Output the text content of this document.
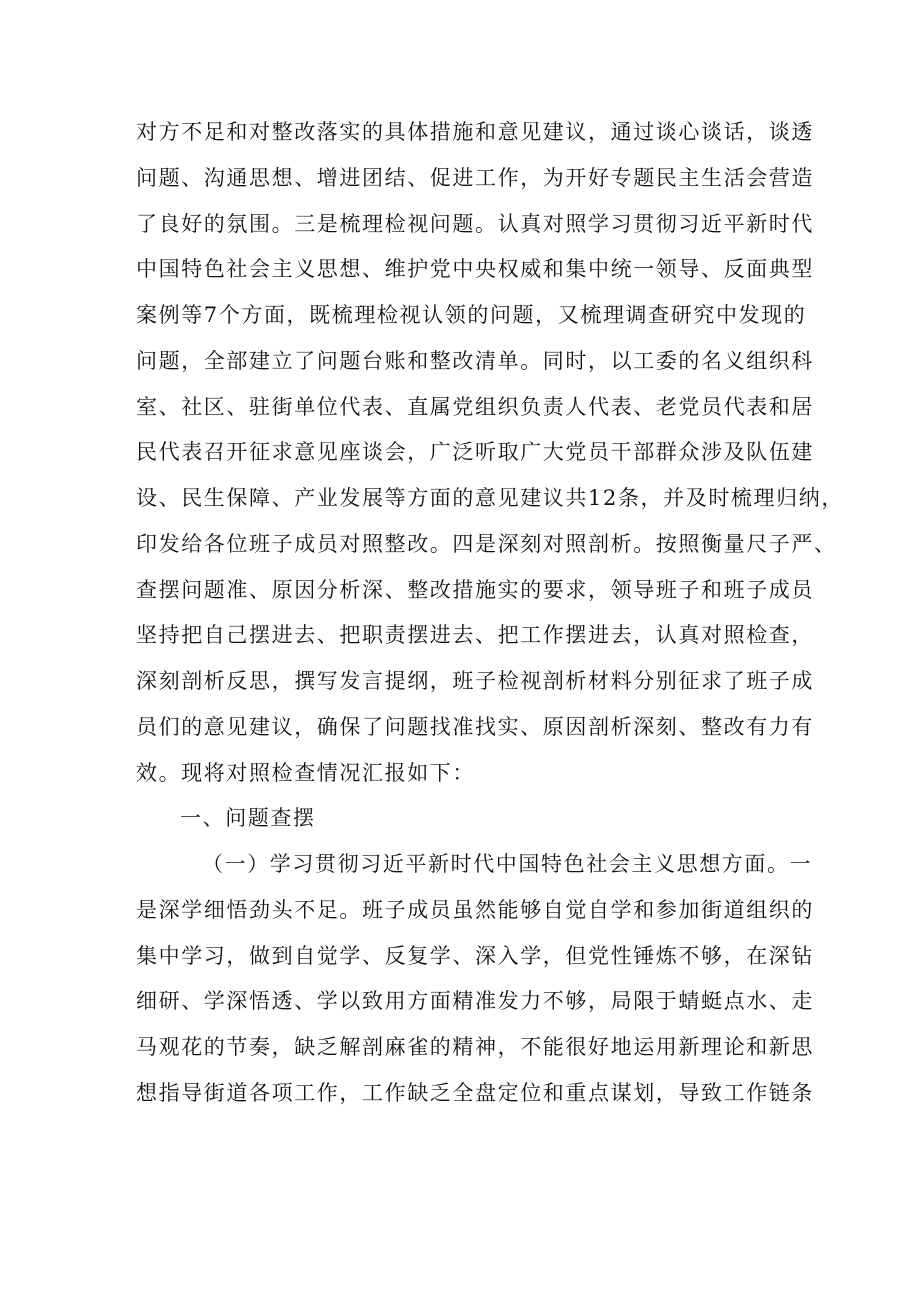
对方不足和对整改落实的具体措施和意见建议，通过谈心谈话，谈透
问题、沟通思想、增进团结、促进工作，为开好专题民主生活会营造
了良好的氛围。三是梳理检视问题。认真对照学习贯彻习近平新时代
中国特色社会主义思想、维护党中央权威和集中统一领导、反面典型
案例等7个方面，既梳理检视认领的问题，又梳理调查研究中发现的
问题，全部建立了问题台账和整改清单。同时，以工委的名义组织科
室、社区、驻街单位代表、直属党组织负责人代表、老党员代表和居
民代表召开征求意见座谈会，广泛听取广大党员干部群众涉及队伍建
设、民生保障、产业发展等方面的意见建议共12条，并及时梳理归纳，
印发给各位班子成员对照整改。四是深刻对照剖析。按照衡量尺子严、
查摆问题准、原因分析深、整改措施实的要求，领导班子和班子成员
坚持把自己摆进去、把职责摆进去、把工作摆进去，认真对照检查，
深刻剖析反思，撰写发言提纲，班子检视剖析材料分别征求了班子成
员们的意见建议，确保了问题找准找实、原因剖析深刻、整改有力有
效。现将对照检查情况汇报如下：
一、问题查摆
（一）学习贯彻习近平新时代中国特色社会主义思想方面。一
是深学细悟劲头不足。班子成员虽然能够自觉自学和参加街道组织的
集中学习，做到自觉学、反复学、深入学，但党性锤炼不够，在深钻
细研、学深悟透、学以致用方面精准发力不够，局限于蜻蜓点水、走
马观花的节奏，缺乏解剖麻雀的精神，不能很好地运用新理论和新思
想指导街道各项工作，工作缺乏全盘定位和重点谋划，导致工作链条
